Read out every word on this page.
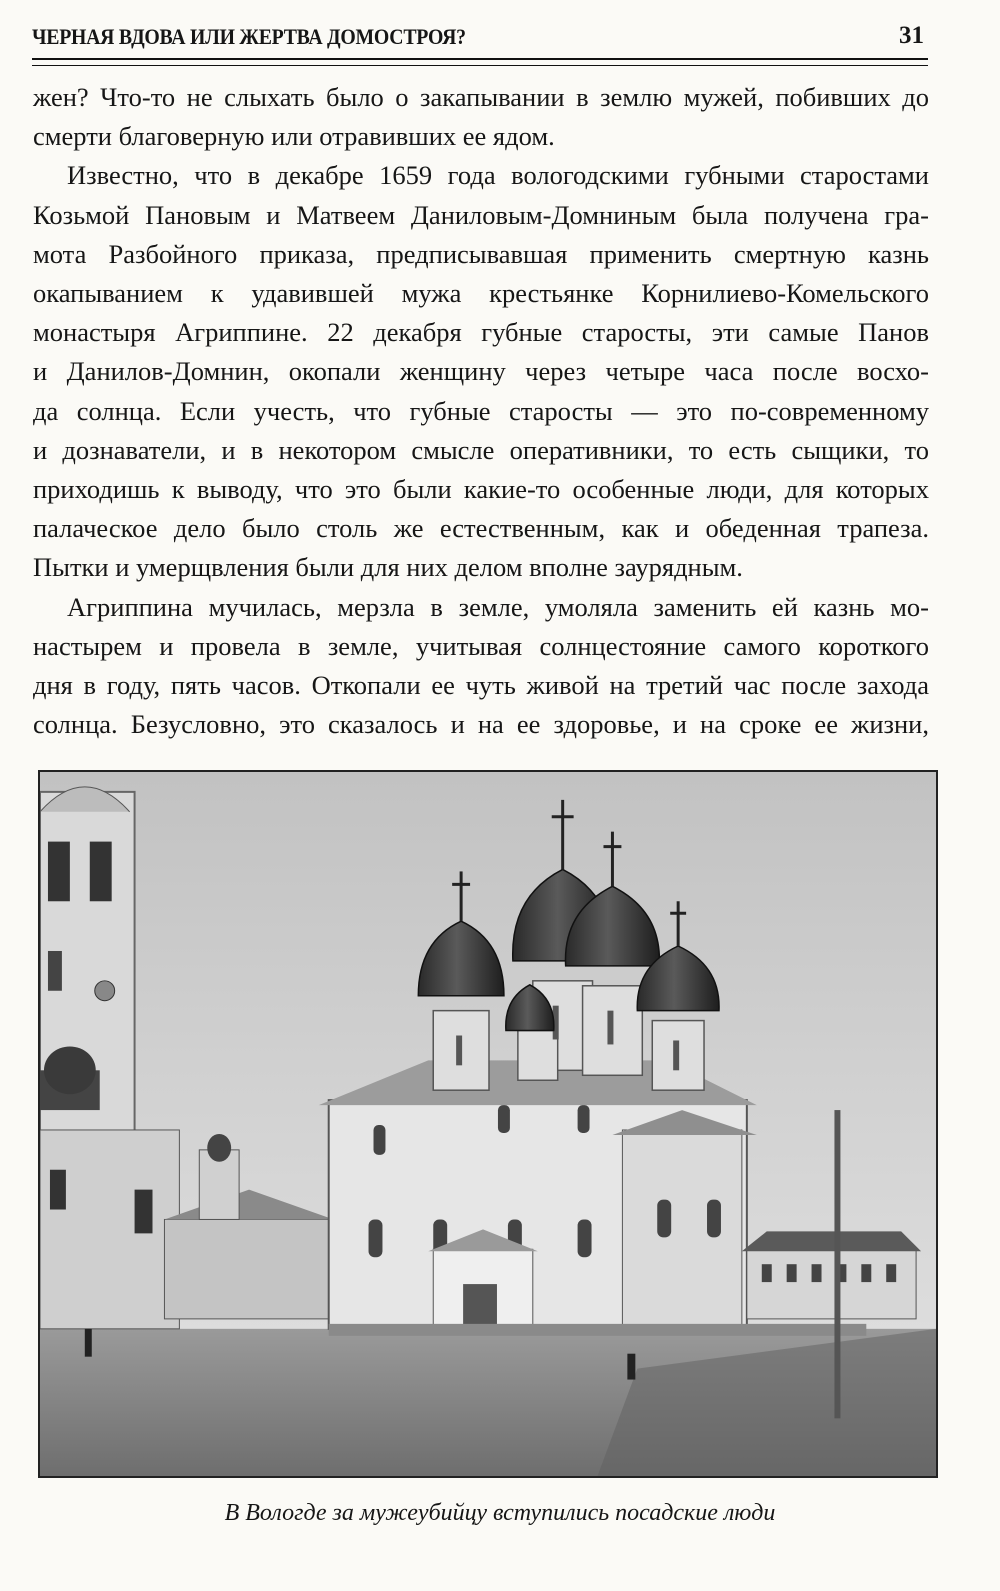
ЧЕРНАЯ ВДОВА ИЛИ ЖЕРТВА ДОМОСТРОЯ?	31
жен? Что-то не слыхать было о закапывании в землю мужей, побивших до
смерти благоверную или отравивших ее ядом.
Известно, что в декабре 1659 года вологодскими губными старостами
Козьмой Пановым и Матвеем Даниловым-Домниным была получена гра-
мота Разбойного приказа, предписывавшая применить смертную казнь
окапыванием к удавившей мужа крестьянке Корнилиево-Комельского
монастыря Агриппине. 22 декабря губные старосты, эти самые Панов
и Данилов-Домнин, окопали женщину через четыре часа после восхо-
да солнца. Если учесть, что губные старосты — это по-современному
и дознаватели, и в некотором смысле оперативники, то есть сыщики, то
приходишь к выводу, что это были какие-то особенные люди, для которых
палаческое дело было столь же естественным, как и обеденная трапеза.
Пытки и умерщвления были для них делом вполне заурядным.
Агриппина мучилась, мерзла в земле, умоляла заменить ей казнь мо-
настырем и провела в земле, учитывая солнцестояние самого короткого
дня в году, пять часов. Откопали ее чуть живой на третий час после захода
солнца. Безусловно, это сказалось и на ее здоровье, и на сроке ее жизни,
В Вологде за мужеубийцу вступились посадские люди
